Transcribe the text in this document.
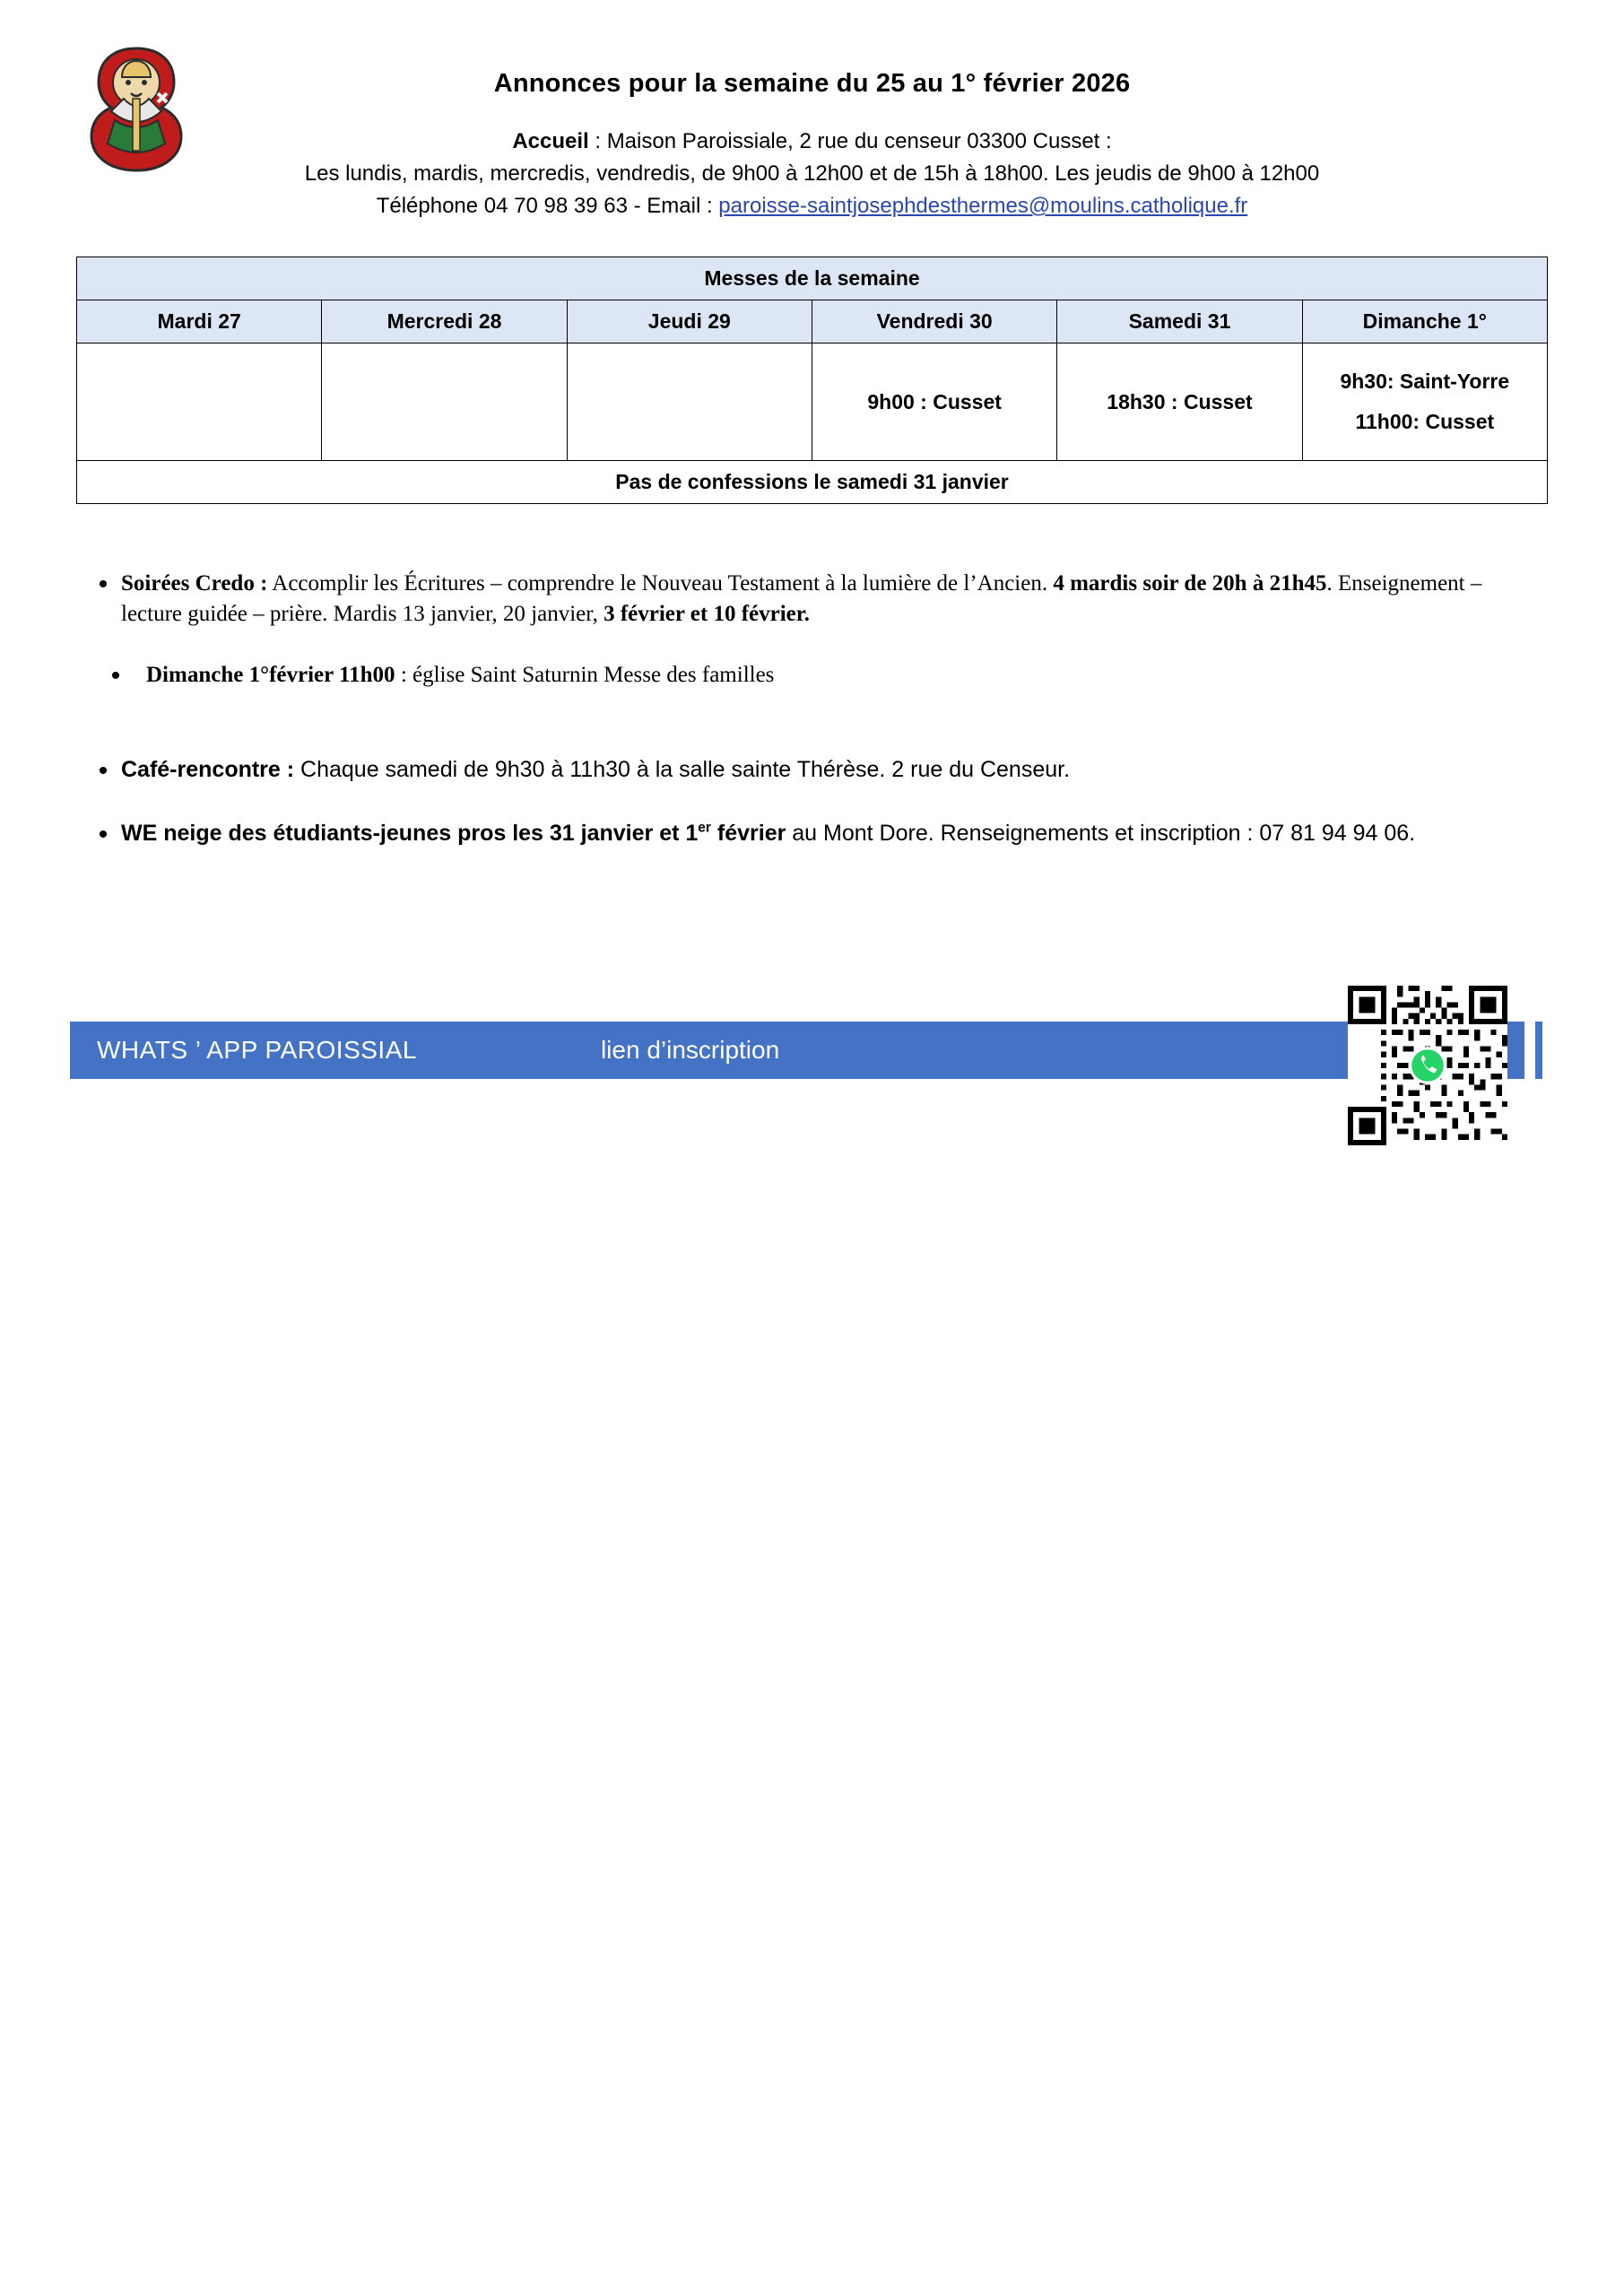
Annonces pour la semaine du 25 au 1° février 2026
Accueil : Maison Paroissiale, 2 rue du censeur 03300 Cusset :
Les lundis, mardis, mercredis, vendredis, de 9h00 à 12h00 et de 15h à 18h00. Les jeudis de 9h00 à 12h00
Téléphone 04 70 98 39 63 - Email : paroisse-saintjosephdesthermes@moulins.catholique.fr
Messes de la semaine					
Mardi 27	Mercredi 28	Jeudi 29	Vendredi 30	Samedi 31	Dimanche 1°
			9h00 : Cusset	18h30 : Cusset	9h30: Saint-Yorre
11h00: Cusset

Pas de confessions le samedi 31 janvier					
• Soirées Credo : Accomplir les Écritures – comprendre le Nouveau Testament à la lumière de l’Ancien. 4 mardis soir de 20h à 21h45. Enseignement – lecture guidée – prière. Mardis 13 janvier, 20 janvier, 3 février et 10 février.
•	Dimanche 1°février 11h00 : église Saint Saturnin Messe des familles
• Café-rencontre : Chaque samedi de 9h30 à 11h30 à la salle sainte Thérèse. 2 rue du Censeur.
• WE neige des étudiants-jeunes pros les 31 janvier et 1er février au Mont Dore. Renseignements et inscription : 07 81 94 94 06.
WHATS ’ APP PAROISSIAL	lien d’inscription
